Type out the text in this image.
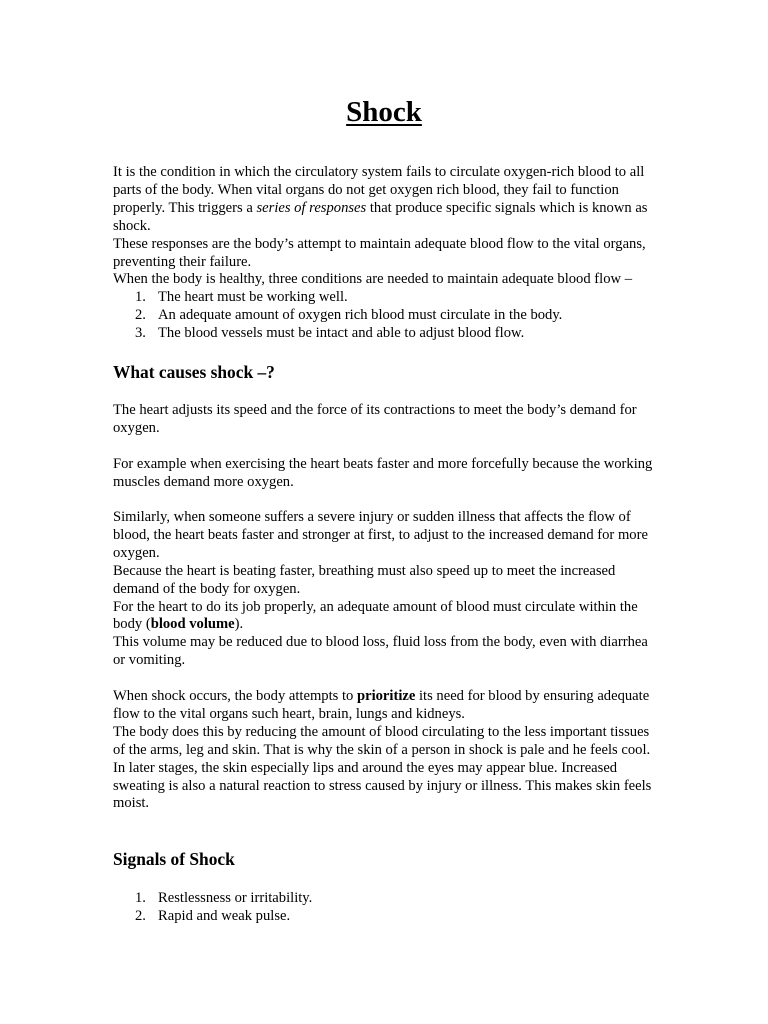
Shock

It is the condition in which the circulatory system fails to circulate oxygen-rich blood to all parts of the body. When vital organs do not get oxygen rich blood, they fail to function properly. This triggers a series of responses that produce specific signals which is known as shock.

These responses are the body’s attempt to maintain adequate blood flow to the vital organs, preventing their failure.

When the body is healthy, three conditions are needed to maintain adequate blood flow –

1. The heart must be working well.
2. An adequate amount of oxygen rich blood must circulate in the body.
3. The blood vessels must be intact and able to adjust blood flow.
What causes shock –?
The heart adjusts its speed and the force of its contractions to meet the body’s demand for oxygen.
For example when exercising the heart beats faster and more forcefully because the working muscles demand more oxygen.

Similarly, when someone suffers a severe injury or sudden illness that affects the flow of blood, the heart beats faster and stronger at first, to adjust to the increased demand for more oxygen.

Because the heart is beating faster, breathing must also speed up to meet the increased demand of the body for oxygen.

For the heart to do its job properly, an adequate amount of blood must circulate within the body (blood volume).

This volume may be reduced due to blood loss, fluid loss from the body, even with diarrhea or vomiting.

When shock occurs, the body attempts to prioritize its need for blood by ensuring adequate flow to the vital organs such heart, brain, lungs and kidneys.

The body does this by reducing the amount of blood circulating to the less important tissues of the arms, leg and skin. That is why the skin of a person in shock is pale and he feels cool.

In later stages, the skin especially lips and around the eyes may appear blue. Increased sweating is also a natural reaction to stress caused by injury or illness. This makes skin feels moist.

Signals of Shock
1. Restlessness or irritability.
2. Rapid and weak pulse.
